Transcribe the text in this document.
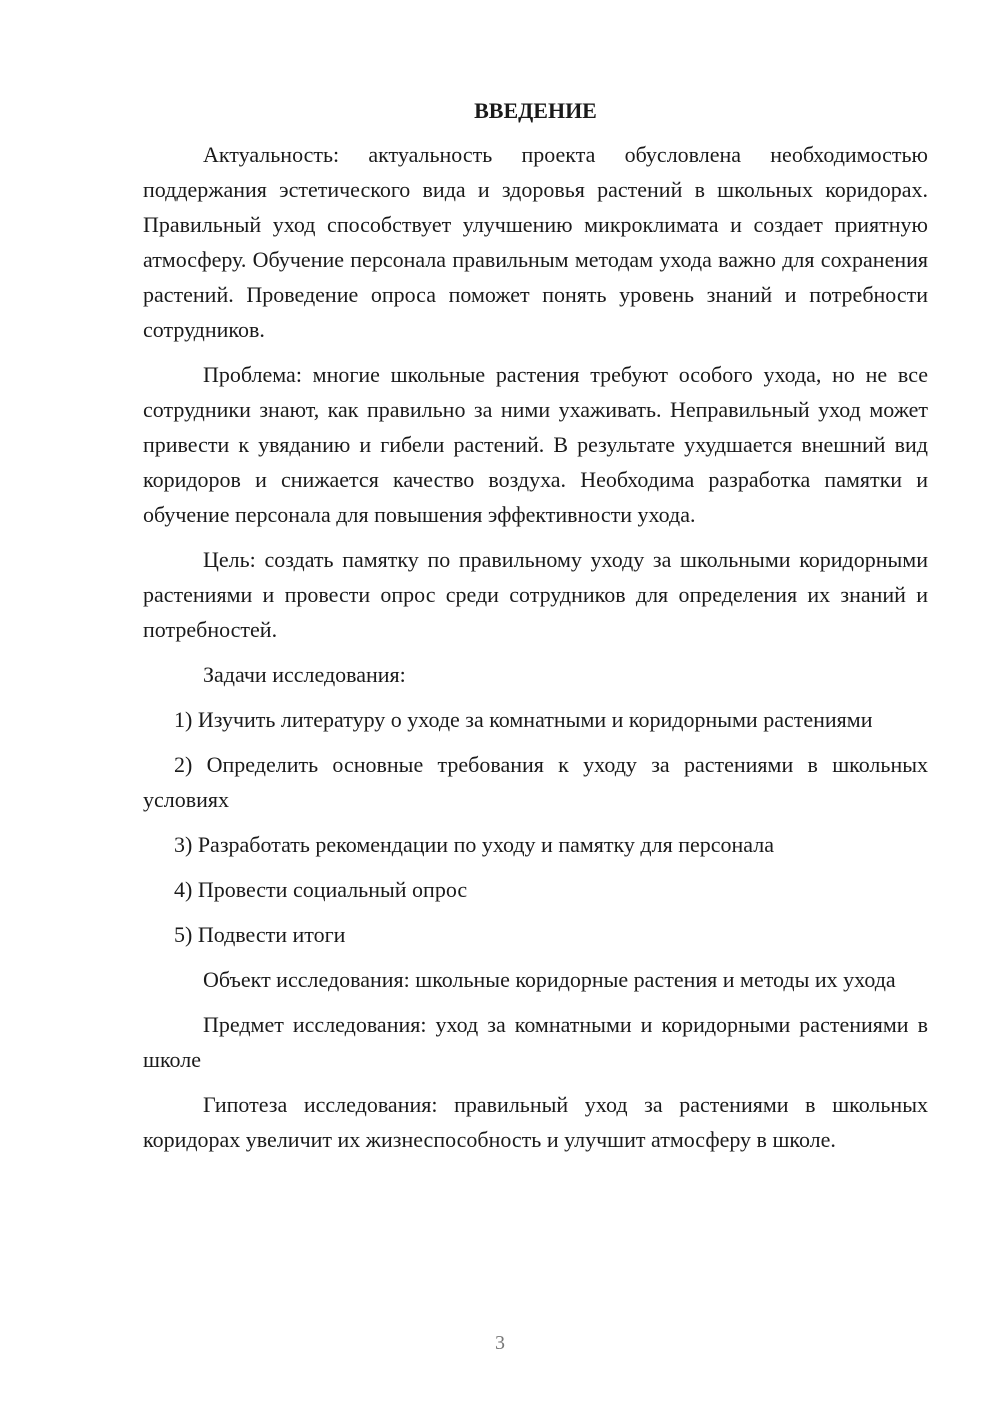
ВВЕДЕНИЕ

Актуальность: актуальность проекта обусловлена необходимостью поддержания эстетического вида и здоровья растений в школьных коридорах. Правильный уход способствует улучшению микроклимата и создает приятную атмосферу. Обучение персонала правильным методам ухода важно для сохранения растений. Проведение опроса поможет понять уровень знаний и потребности сотрудников.

Проблема: многие школьные растения требуют особого ухода, но не все сотрудники знают, как правильно за ними ухаживать. Неправильный уход может привести к увяданию и гибели растений. В результате ухудшается внешний вид коридоров и снижается качество воздуха. Необходима разработка памятки и обучение персонала для повышения эффективности ухода.

Цель: создать памятку по правильному уходу за школьными коридорными растениями и провести опрос среди сотрудников для определения их знаний и потребностей.

Задачи исследования:

1) Изучить литературу о уходе за комнатными и коридорными растениями

2) Определить основные требования к уходу за растениями в школьных условиях

3) Разработать рекомендации по уходу и памятку для персонала

4) Провести социальный опрос

5) Подвести итоги

Объект исследования: школьные коридорные растения и методы их ухода

Предмет исследования: уход за комнатными и коридорными растениями в школе

Гипотеза исследования: правильный уход за растениями в школьных коридорах увеличит их жизнеспособность и улучшит атмосферу в школе.

3
